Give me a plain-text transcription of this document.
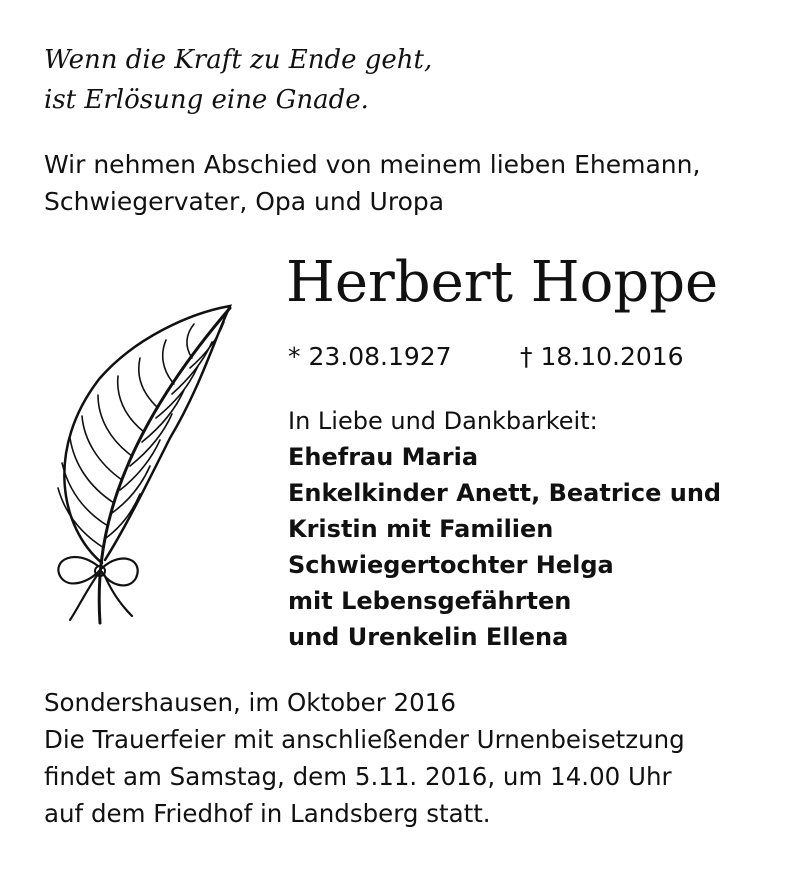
Wenn die Kraft zu Ende geht,
ist Erlösung eine Gnade.
Wir nehmen Abschied von meinem lieben Ehemann,
Schwiegervater, Opa und Uropa
Herbert Hoppe
* 23.08.1927	† 18.10.2016
In Liebe und Dankbarkeit:
Ehefrau Maria
Enkelkinder Anett, Beatrice und
Kristin mit Familien
Schwiegertochter Helga
mit Lebensgefährten
und Urenkelin Ellena
Sondershausen, im Oktober 2016
Die Trauerfeier mit anschließender Urnenbeisetzung
findet am Samstag, dem 5.11. 2016, um 14.00 Uhr
auf dem Friedhof in Landsberg statt.
